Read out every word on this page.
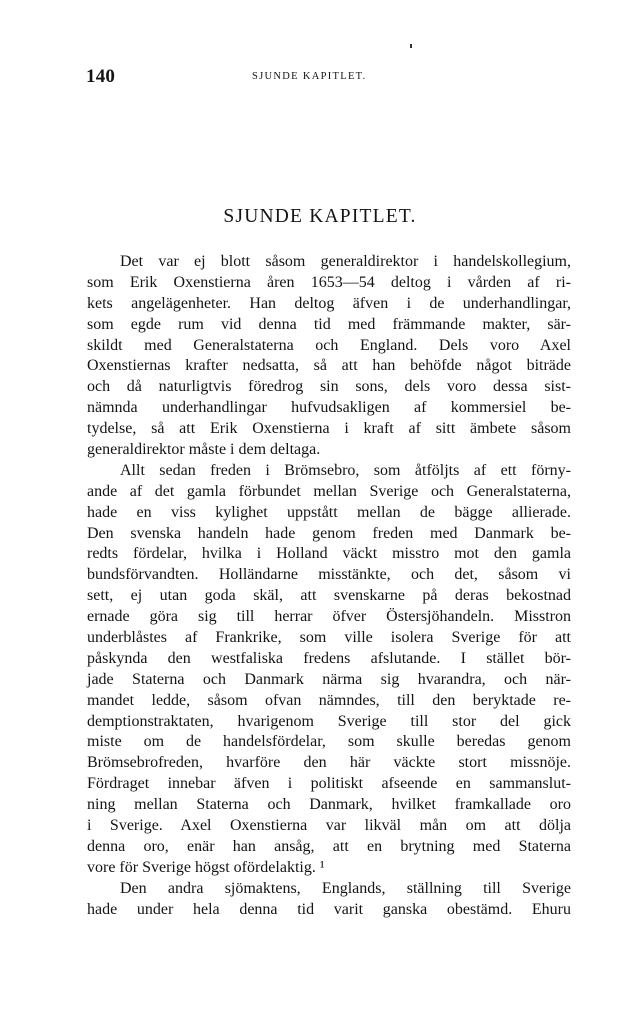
140	SJUNDE KAPITLET.
SJUNDE KAPITLET.
Det var ej blott såsom generaldirektor i handelskollegium,
som Erik Oxenstierna åren 1653—54 deltog i vården af ri-
kets angelägenheter. Han deltog äfven i de underhandlingar,
som egde rum vid denna tid med främmande makter, sär-
skildt med Generalstaterna och England. Dels voro Axel
Oxenstiernas krafter nedsatta, så att han behöfde något biträde
och då naturligtvis föredrog sin sons, dels voro dessa sist-
nämnda underhandlingar hufvudsakligen af kommersiel be-
tydelse, så att Erik Oxenstierna i kraft af sitt ämbete såsom
generaldirektor måste i dem deltaga.
Allt sedan freden i Brömsebro, som åtföljts af ett förny-
ande af det gamla förbundet mellan Sverige och Generalstaterna,
hade en viss kylighet uppstått mellan de bägge allierade.
Den svenska handeln hade genom freden med Danmark be-
redts fördelar, hvilka i Holland väckt misstro mot den gamla
bundsförvandten. Holländarne misstänkte, och det, såsom vi
sett, ej utan goda skäl, att svenskarne på deras bekostnad
ernade göra sig till herrar öfver Östersjöhandeln. Misstron
underblåstes af Frankrike, som ville isolera Sverige för att
påskynda den westfaliska fredens afslutande. I stället bör-
jade Staterna och Danmark närma sig hvarandra, och när-
mandet ledde, såsom ofvan nämndes, till den beryktade re-
demptionstraktaten, hvarigenom Sverige till stor del gick
miste om de handelsfördelar, som skulle beredas genom
Brömsebrofreden, hvarföre den här väckte stort missnöje.
Fördraget innebar äfven i politiskt afseende en sammanslut-
ning mellan Staterna och Danmark, hvilket framkallade oro
i Sverige. Axel Oxenstierna var likväl mån om att dölja
denna oro, enär han ansåg, att en brytning med Staterna
vore för Sverige högst ofördelaktig. ¹
Den andra sjömaktens, Englands, ställning till Sverige
hade under hela denna tid varit ganska obestämd. Ehuru
